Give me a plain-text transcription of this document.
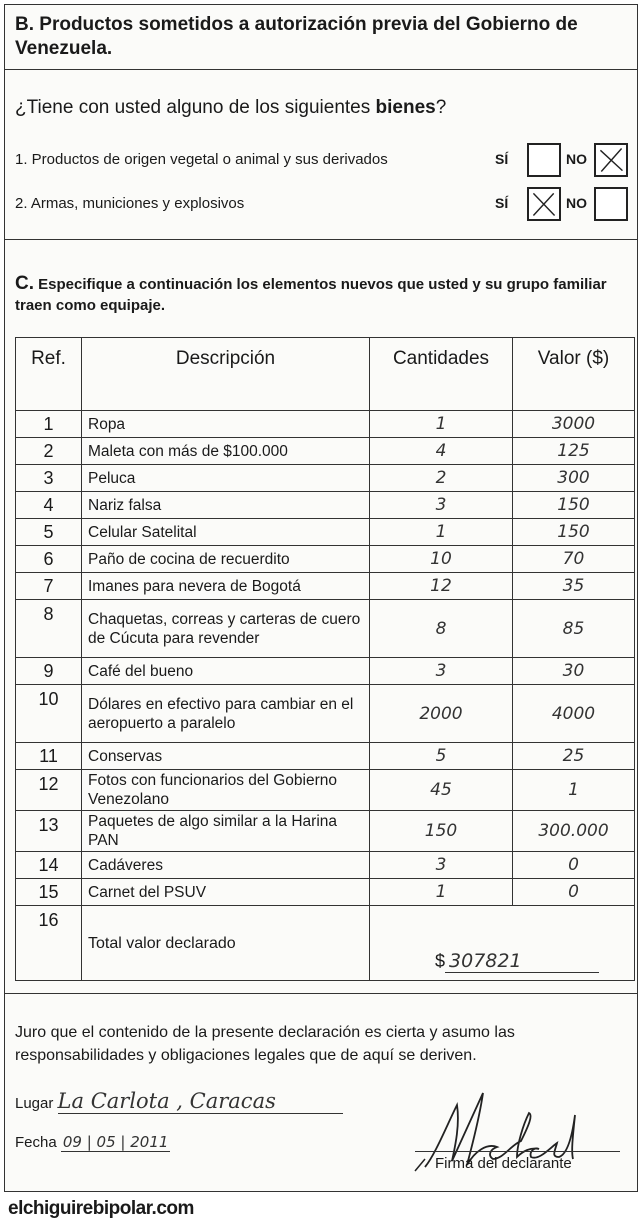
B. Productos sometidos a autorización previa del Gobierno de Venezuela.
¿Tiene con usted alguno de los siguientes bienes?
1. Productos de origen vegetal o animal y sus derivados	SÍ	NO
2. Armas, municiones y explosivos	SÍ	NO
C. Especifique a continuación los elementos nuevos que usted y su grupo familiar traen como equipaje.
Ref.	Descripción	Cantidades	Valor ($)
1	Ropa	1	3000
2	Maleta con más de $100.000	4	125
3	Peluca	2	300
4	Nariz falsa	3	150
5	Celular Satelital	1	150
6	Paño de cocina de recuerdito	10	70
7	Imanes para nevera de Bogotá	12	35
8	Chaquetas, correas y carteras de cuero de Cúcuta para revender	8	85
9	Café del bueno	3	30
10	Dólares en efectivo para cambiar en el aeropuerto a paralelo	2000	4000
11	Conservas	5	25
12	Fotos con funcionarios del Gobierno Venezolano	45	1
13	Paquetes de algo similar a la Harina PAN	150	300.000
14	Cadáveres	3	0
15	Carnet del PSUV	1	0
16	Total valor declarado		
$ 307821
Juro que el contenido de la presente declaración es cierta y asumo las responsabilidades y obligaciones legales que de aquí se deriven.
Lugar La Carlota , Caracas
Fecha 09 | 05 | 2011
Firma del declarante
elchiguirebipolar.com
